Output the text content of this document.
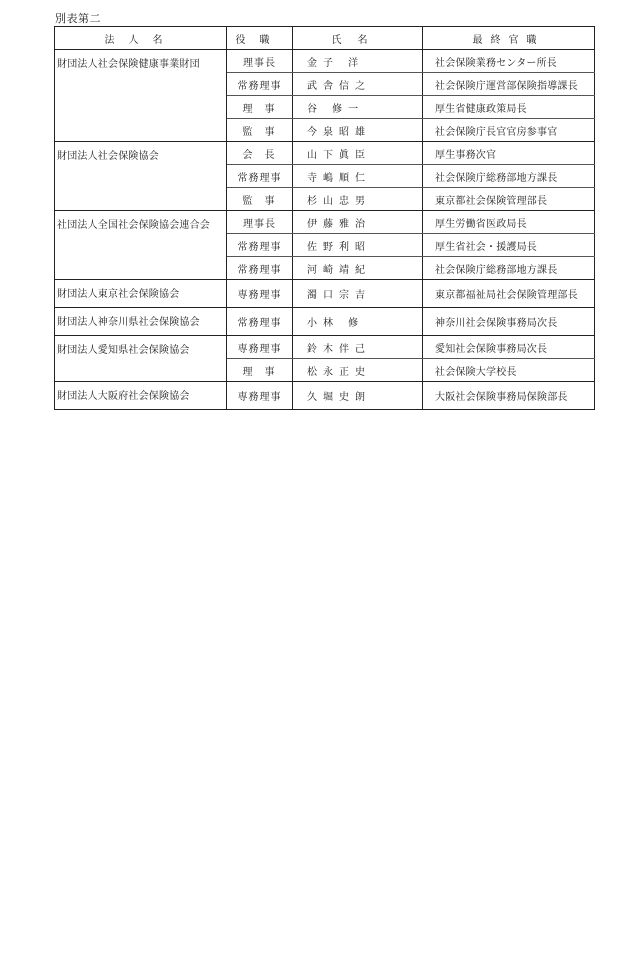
別表第二
法人名	役職	氏名	最終官職
財団法人社会保険健康事業財団	理事長	金子 洋	社会保険業務センター所長
	常務理事	武舎信之	社会保険庁運営部保険指導課長
	理事	谷 修一	厚生省健康政策局長
	監事	今泉昭雄	社会保険庁長官官房参事官
財団法人社会保険協会	会長	山下眞臣	厚生事務次官
	常務理事	寺嶋順仁	社会保険庁総務部地方課長
	監事	杉山忠男	東京都社会保険管理部長
社団法人全国社会保険協会連合会	理事長	伊藤雅治	厚生労働省医政局長
	常務理事	佐野利昭	厚生省社会・援護局長
	常務理事	河崎靖紀	社会保険庁総務部地方課長
財団法人東京社会保険協会	専務理事	濁口宗吉	東京都福祉局社会保険管理部長
財団法人神奈川県社会保険協会	常務理事	小林 修	神奈川社会保険事務局次長
財団法人愛知県社会保険協会	専務理事	鈴木伴己	愛知社会保険事務局次長
	理事	松永正史	社会保険大学校長
財団法人大阪府社会保険協会	専務理事	久堀史朗	大阪社会保険事務局保険部長
